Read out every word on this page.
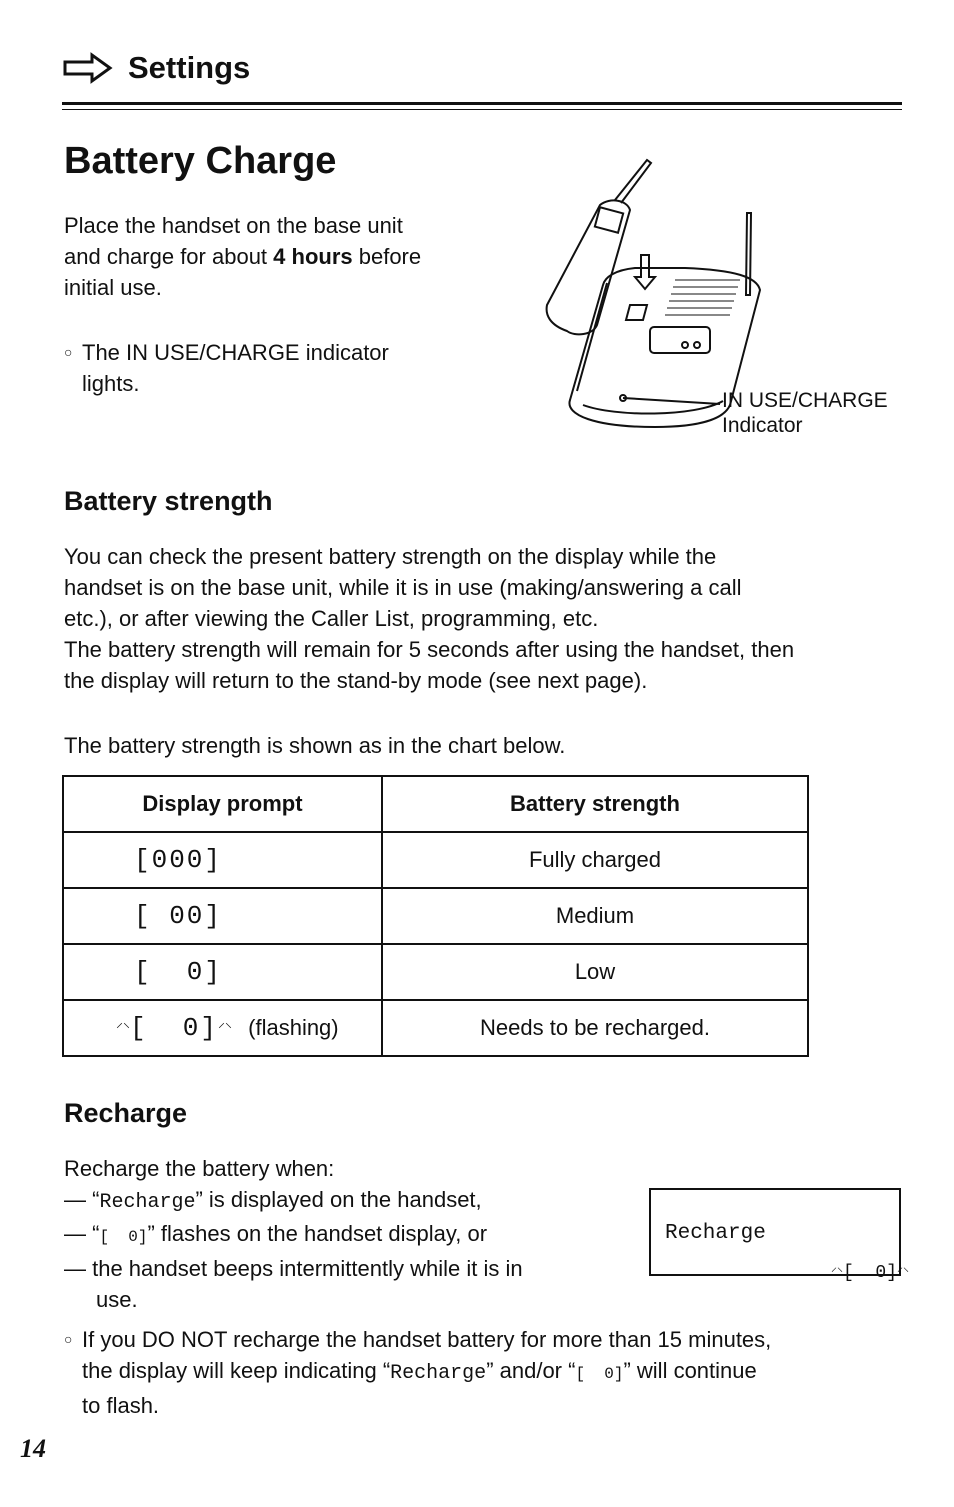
Settings
Battery Charge
Place the handset on the base unit
and charge for about 4 hours before
initial use.
○ The IN USE/CHARGE indicator
lights.
IN USE/CHARGE
Indicator
Battery strength
You can check the present battery strength on the display while the
handset is on the base unit, while it is in use (making/answering a call
etc.), or after viewing the Caller List, programming, etc.
The battery strength will remain for 5 seconds after using the handset, then
the display will return to the stand-by mode (see next page).
The battery strength is shown as in the chart below.
Display prompt	Battery strength
[000]	Fully charged
[ 00]	Medium
[  0]	Low
⸝⸜[  0]⸝⸜ (flashing)	Needs to be recharged.
Recharge
Recharge the battery when:
— “Recharge” is displayed on the handset,
— “[  0]” flashes on the handset display, or
— the handset beeps intermittently while it is in
use.
Recharge

⸝⸜[  0]⸝⸜

○ If you DO NOT recharge the handset battery for more than 15 minutes,
the display will keep indicating “Recharge” and/or “[  0]” will continue
to flash.
14
